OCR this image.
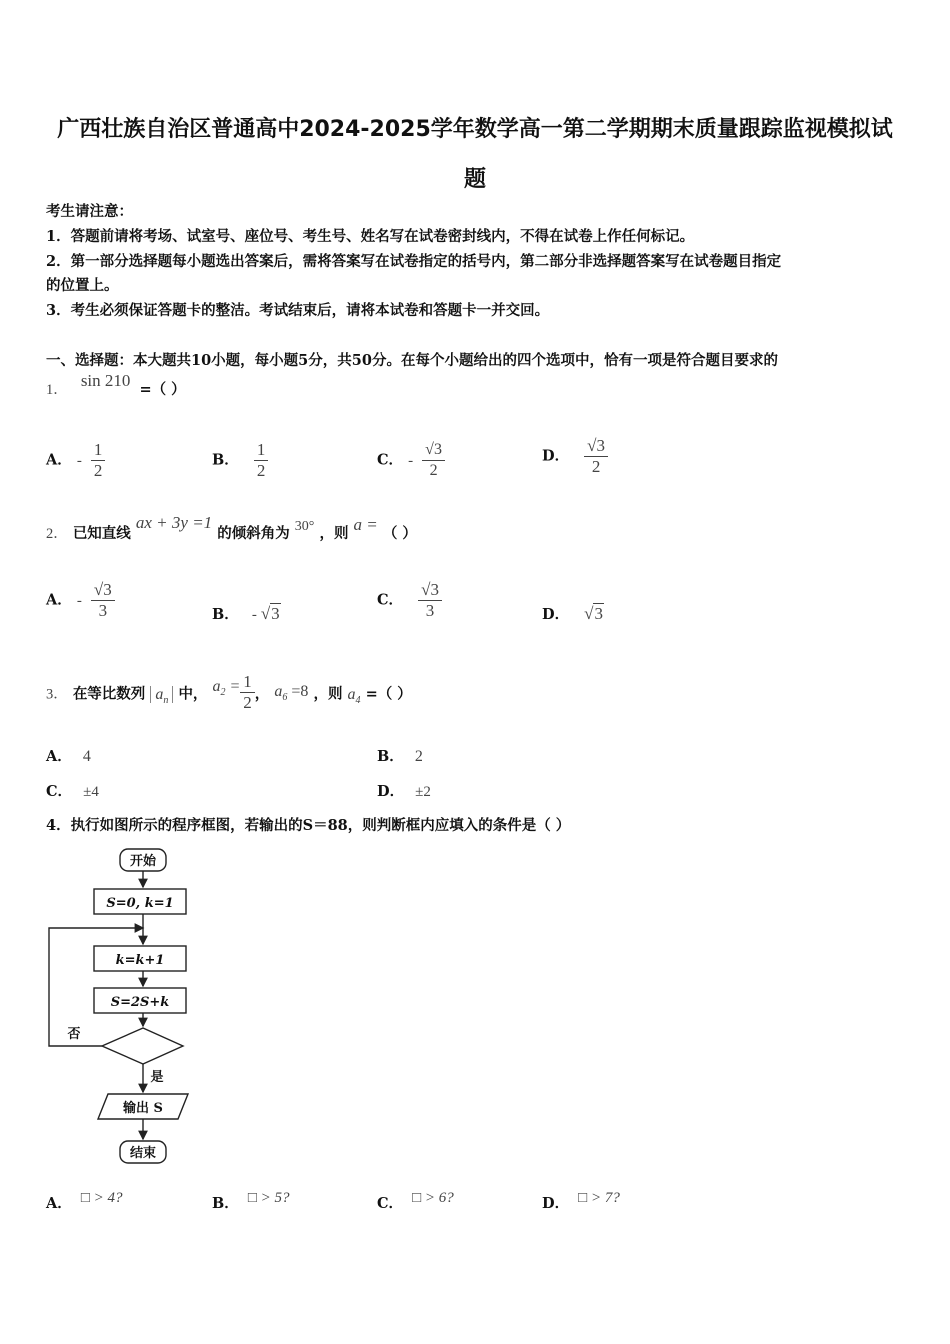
广西壮族自治区普通高中2024-2025学年数学高一第二学期期末质量跟踪监视模拟试
题
考生请注意：
1．答题前请将考场、试室号、座位号、考生号、姓名写在试卷密封线内，不得在试卷上作任何标记。
2．第一部分选择题每小题选出答案后，需将答案写在试卷指定的括号内，第二部分非选择题答案写在试卷题目指定
的位置上。
3．考生必须保证答题卡的整洁。考试结束后，请将本试卷和答题卡一并交回。
一、选择题：本大题共10小题，每小题5分，共50分。在每个小题给出的四个选项中，恰有一项是符合题目要求的
1． sin 210 =（ ）
A． - $\frac{1}{2}$	B． $\frac{1}{2}$	C． - $\frac{√3}{2}$	D． $\frac{√3}{2}$
2． 已知直线 ax + 3y =1 的倾斜角为 30° ，则 a = （ ）
A． - $\frac{√3}{3}$	B． - √3
C． $\frac{√3}{3}$	D． √3
3． 在等比数列 $a_n$ 中， $a_2 = \frac{1}{2}$ ， $a_6 =8$ ，则 $a_4$ =（ ）
A． 4	B． 2
C． ±4	D． ±2
4．执行如图所示的程序框图，若输出的S＝88，则判断框内应填入的条件是（ ）
开始
S=0, k=1
k=k+1
S=2S+k
否
是
输出 S
结束
A． □ > 4?	B． □ > 5?	C． □ > 6?	D． □ > 7?
